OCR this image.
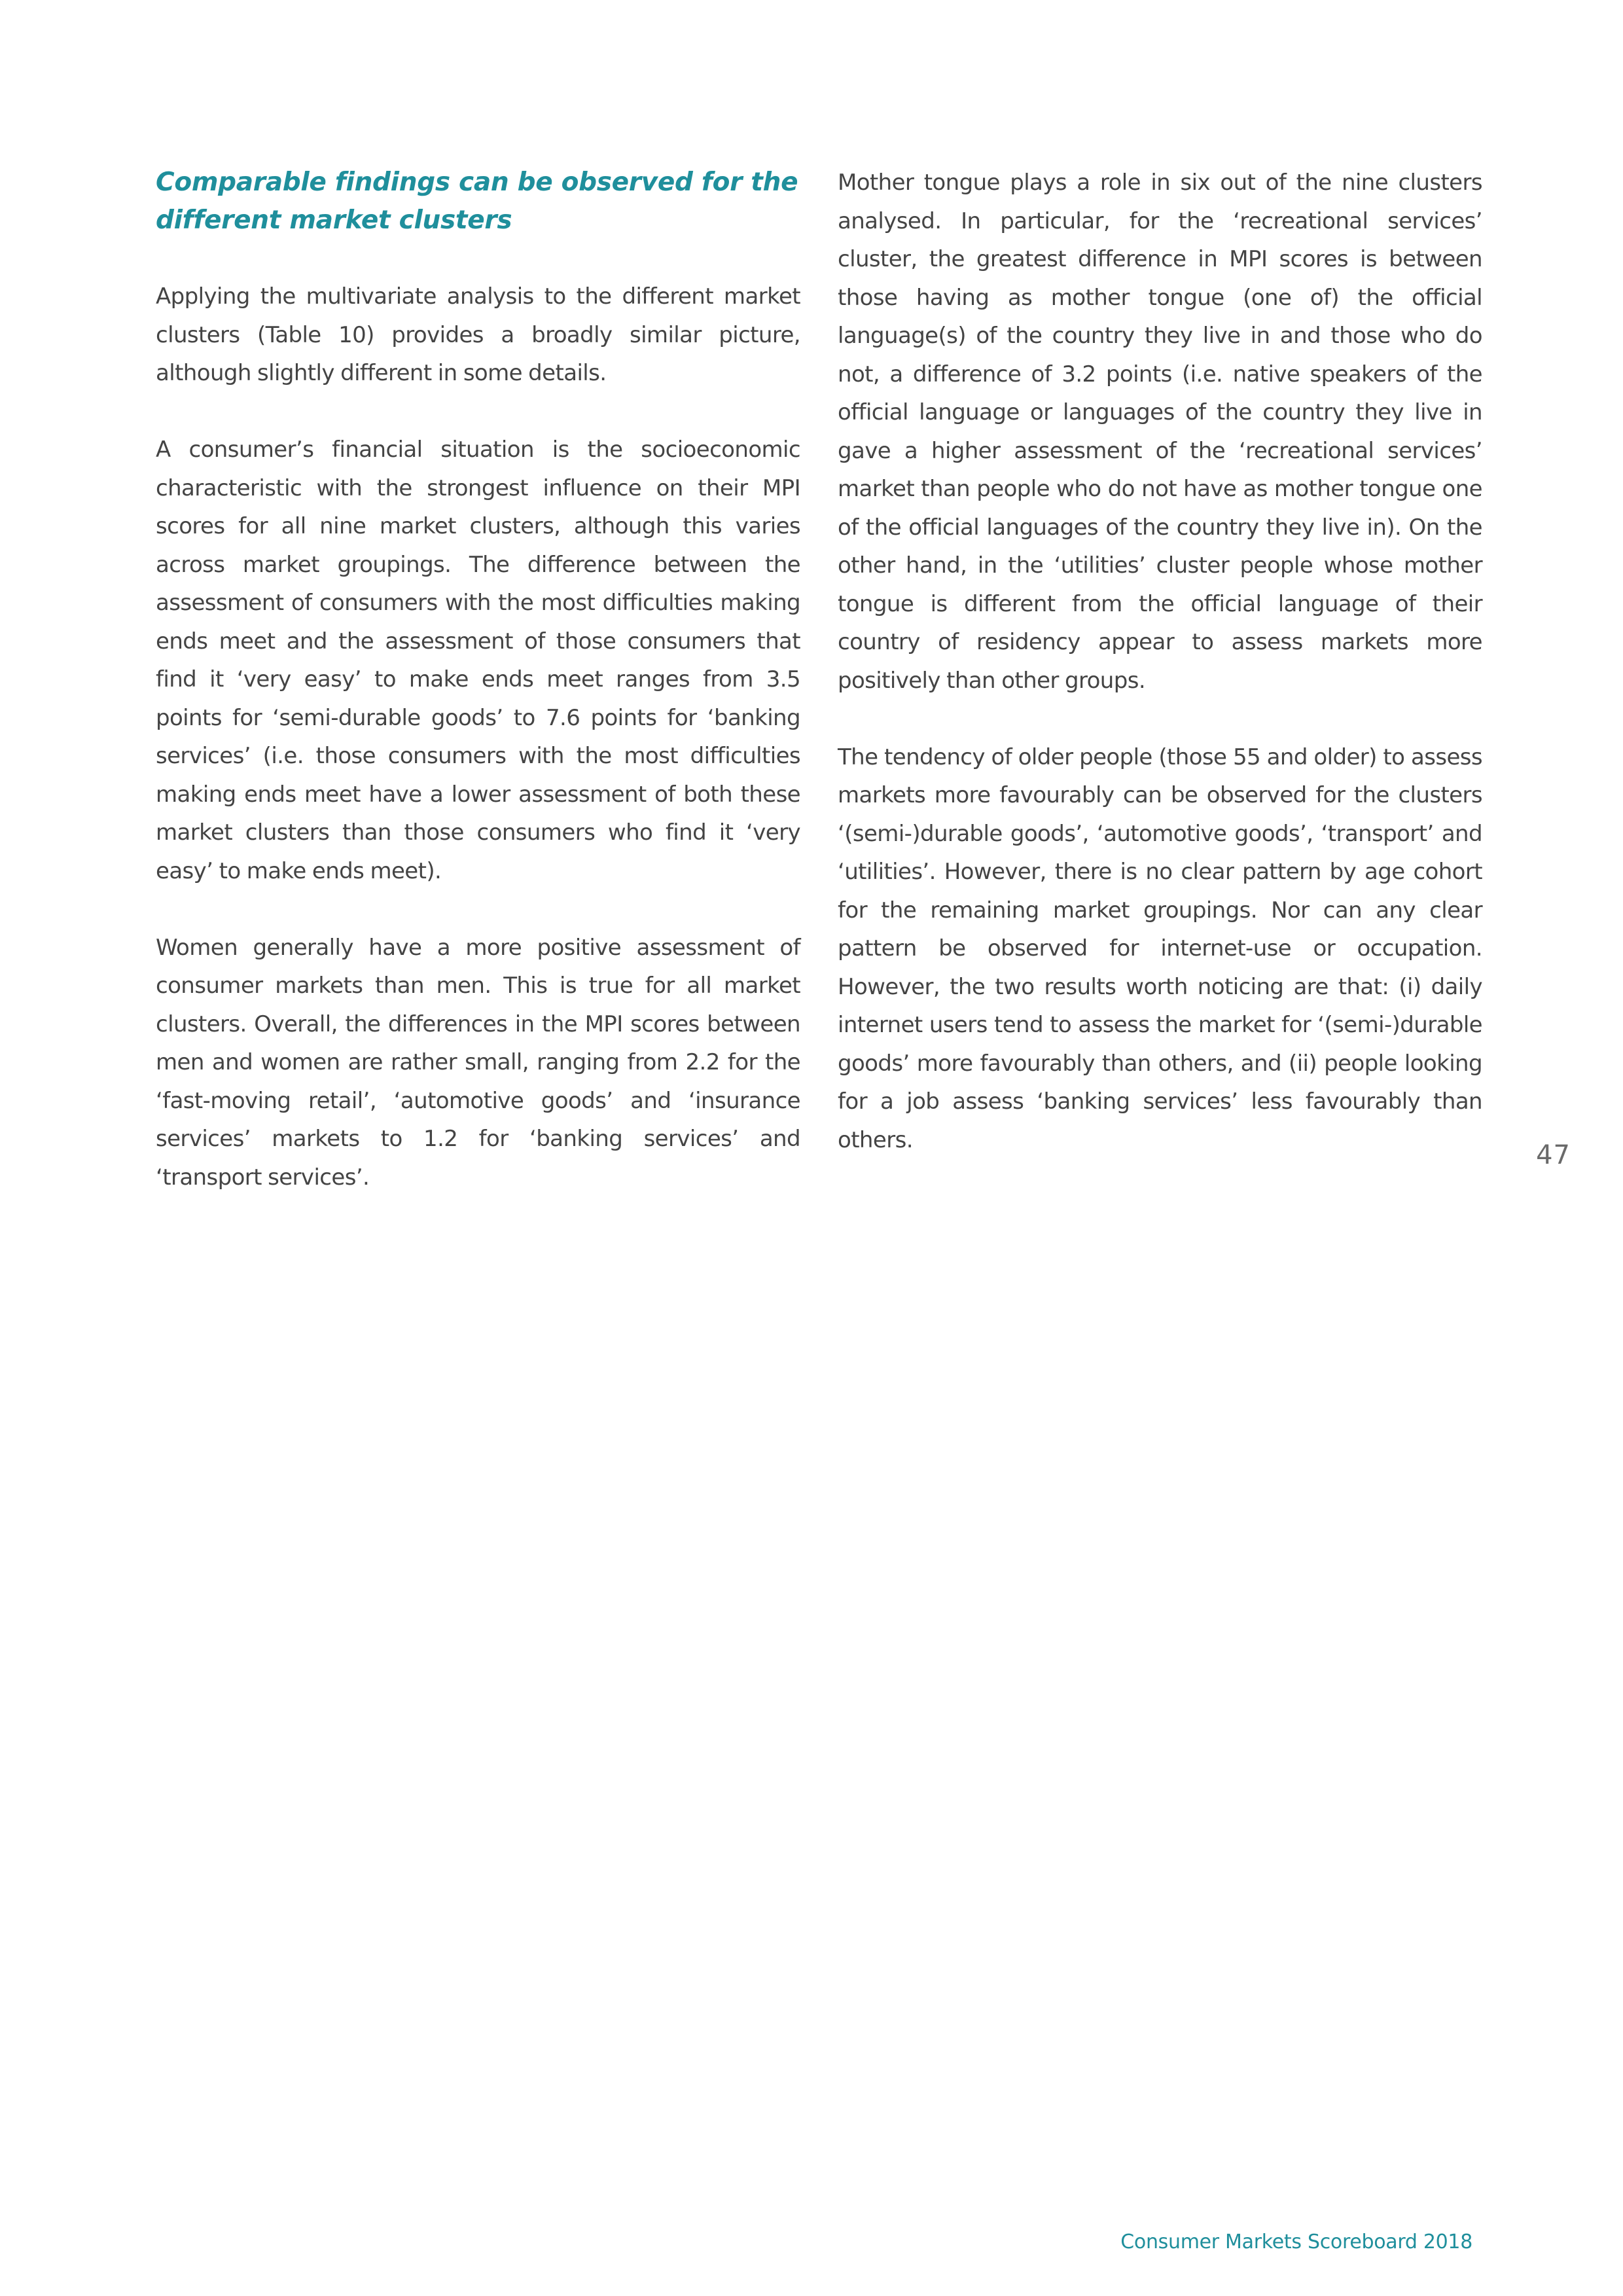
Comparable findings can be observed for the different market clusters

Applying the multivariate analysis to the different market clusters (Table 10) provides a broadly similar picture, although slightly different in some details.

A consumer’s financial situation is the socioeconomic characteristic with the strongest influence on their MPI scores for all nine market clusters, although this varies across market groupings. The difference between the assessment of consumers with the most difficulties making ends meet and the assessment of those consumers that find it ‘very easy’ to make ends meet ranges from 3.5 points for ‘semi-durable goods’ to 7.6 points for ‘banking services’ (i.e. those consumers with the most difficulties making ends meet have a lower assessment of both these market clusters than those consumers who find it ‘very easy’ to make ends meet).

Women generally have a more positive assessment of consumer markets than men. This is true for all market clusters. Overall, the differences in the MPI scores between men and women are rather small, ranging from 2.2 for the ‘fast-moving retail’, ‘automotive goods’ and ‘insurance services’ markets to 1.2 for ‘banking services’ and ‘transport services’.

Mother tongue plays a role in six out of the nine clusters analysed. In particular, for the ‘recreational services’ cluster, the greatest difference in MPI scores is between those having as mother tongue (one of) the official language(s) of the country they live in and those who do not, a difference of 3.2 points (i.e. native speakers of the official language or languages of the country they live in gave a higher assessment of the ‘recreational services’ market than people who do not have as mother tongue one of the official languages of the country they live in). On the other hand, in the ‘utilities’ cluster people whose mother tongue is different from the official language of their country of residency appear to assess markets more positively than other groups.

The tendency of older people (those 55 and older) to assess markets more favourably can be observed for the clusters ‘(semi-)durable goods’, ‘automotive goods’, ‘transport’ and ‘utilities’. However, there is no clear pattern by age cohort for the remaining market groupings. Nor can any clear pattern be observed for internet-use or occupation. However, the two results worth noticing are that: (i) daily internet users tend to assess the market for ‘(semi-)durable goods’ more favourably than others, and (ii) people looking for a job assess ‘banking services’ less favourably than others.

47
Consumer Markets Scoreboard 2018
